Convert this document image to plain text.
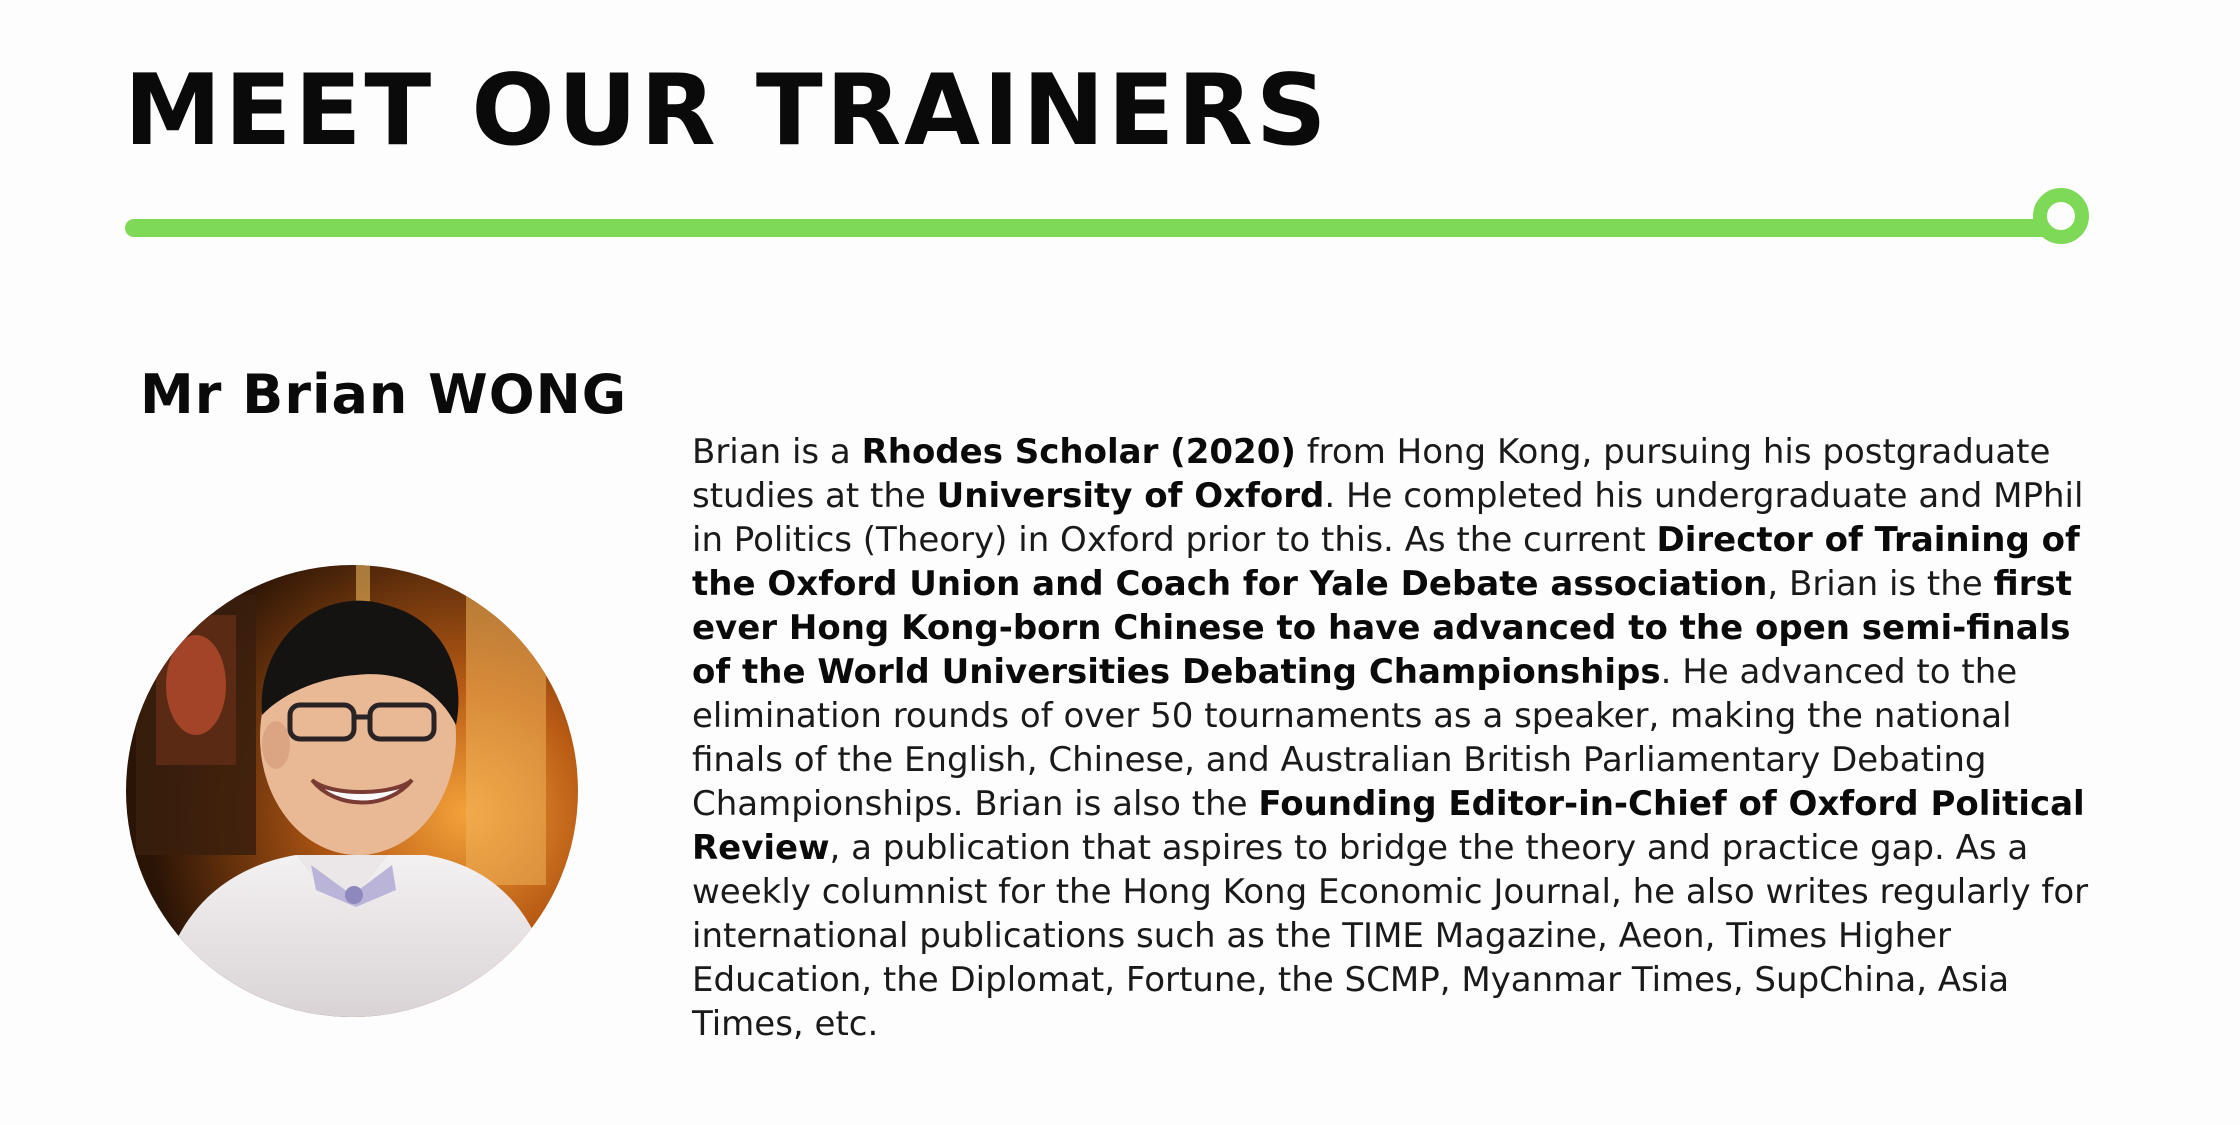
MEET OUR TRAINERS
Mr Brian WONG

Brian is a Rhodes Scholar (2020) from Hong Kong, pursuing his postgraduate studies at the University of Oxford. He completed his undergraduate and MPhil in Politics (Theory) in Oxford prior to this. As the current Director of Training of the Oxford Union and Coach for Yale Debate association, Brian is the first ever Hong Kong-born Chinese to have advanced to the open semi-finals of the World Universities Debating Championships. He advanced to the elimination rounds of over 50 tournaments as a speaker, making the national finals of the English, Chinese, and Australian British Parliamentary Debating Championships. Brian is also the Founding Editor-in-Chief of Oxford Political Review, a publication that aspires to bridge the theory and practice gap. As a weekly columnist for the Hong Kong Economic Journal, he also writes regularly for international publications such as the TIME Magazine, Aeon, Times Higher Education, the Diplomat, Fortune, the SCMP, Myanmar Times, SupChina, Asia Times, etc.
